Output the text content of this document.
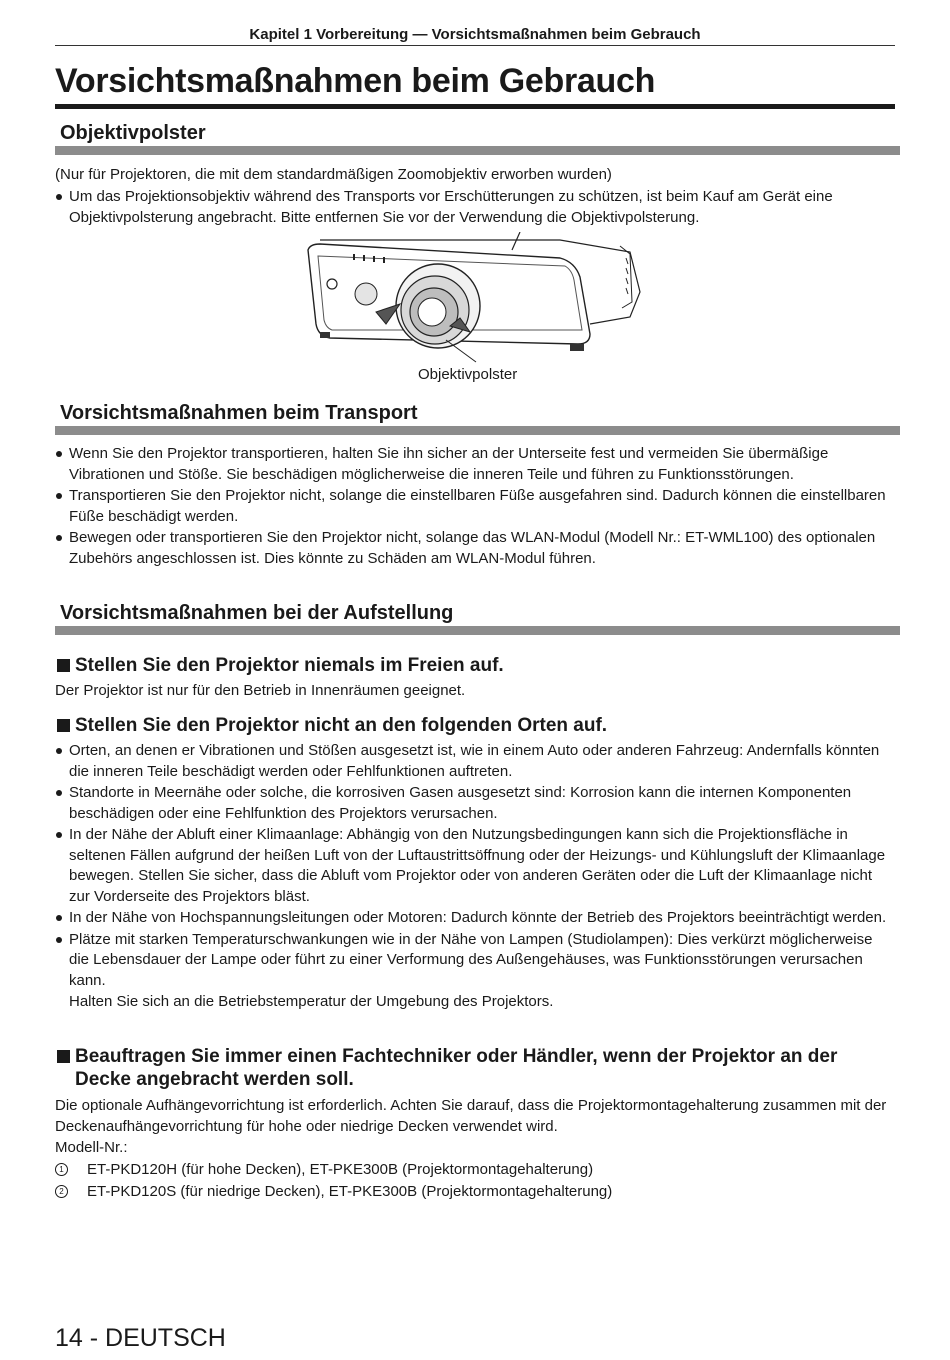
Kapitel 1 Vorbereitung — Vorsichtsmaßnahmen beim Gebrauch
Vorsichtsmaßnahmen beim Gebrauch
Objektivpolster

(Nur für Projektoren, die mit dem standardmäßigen Zoomobjektiv erworben wurden)

Um das Projektionsobjektiv während des Transports vor Erschütterungen zu schützen, ist beim Kauf am Gerät eine Objektivpolsterung angebracht. Bitte entfernen Sie vor der Verwendung die Objektivpolsterung.
Objektivpolster
Vorsichtsmaßnahmen beim Transport
Wenn Sie den Projektor transportieren, halten Sie ihn sicher an der Unterseite fest und vermeiden Sie übermäßige Vibrationen und Stöße. Sie beschädigen möglicherweise die inneren Teile und führen zu Funktionsstörungen.
Transportieren Sie den Projektor nicht, solange die einstellbaren Füße ausgefahren sind. Dadurch können die einstellbaren Füße beschädigt werden.
Bewegen oder transportieren Sie den Projektor nicht, solange das WLAN-Modul (Modell Nr.: ET-WML100) des optionalen Zubehörs angeschlossen ist. Dies könnte zu Schäden am WLAN-Modul führen.
Vorsichtsmaßnahmen bei der Aufstellung
Stellen Sie den Projektor niemals im Freien auf.

Der Projektor ist nur für den Betrieb in Innenräumen geeignet.

Stellen Sie den Projektor nicht an den folgenden Orten auf.
Orten, an denen er Vibrationen und Stößen ausgesetzt ist, wie in einem Auto oder anderen Fahrzeug: Andernfalls könnten die inneren Teile beschädigt werden oder Fehlfunktionen auftreten.
Standorte in Meernähe oder solche, die korrosiven Gasen ausgesetzt sind: Korrosion kann die internen Komponenten beschädigen oder eine Fehlfunktion des Projektors verursachen.
In der Nähe der Abluft einer Klimaanlage: Abhängig von den Nutzungsbedingungen kann sich die Projektionsfläche in seltenen Fällen aufgrund der heißen Luft von der Luftaustrittsöffnung oder der Heizungs- und Kühlungsluft der Klimaanlage bewegen. Stellen Sie sicher, dass die Abluft vom Projektor oder von anderen Geräten oder die Luft der Klimaanlage nicht zur Vorderseite des Projektors bläst.
In der Nähe von Hochspannungsleitungen oder Motoren: Dadurch könnte der Betrieb des Projektors beeinträchtigt werden.
Plätze mit starken Temperaturschwankungen wie in der Nähe von Lampen (Studiolampen): Dies verkürzt möglicherweise die Lebensdauer der Lampe oder führt zu einer Verformung des Außengehäuses, was Funktionsstörungen verursachen kann.
Halten Sie sich an die Betriebstemperatur der Umgebung des Projektors.
Beauftragen Sie immer einen Fachtechniker oder Händler, wenn der Projektor an der Decke angebracht werden soll.

Die optionale Aufhängevorrichtung ist erforderlich. Achten Sie darauf, dass die Projektormontagehalterung zusammen mit der Deckenaufhängevorrichtung für hohe oder niedrige Decken verwendet wird.

Modell-Nr.:

1 ET-PKD120H (für hohe Decken), ET-PKE300B (Projektormontagehalterung)
2 ET-PKD120S (für niedrige Decken), ET-PKE300B (Projektormontagehalterung)
14 - DEUTSCH
